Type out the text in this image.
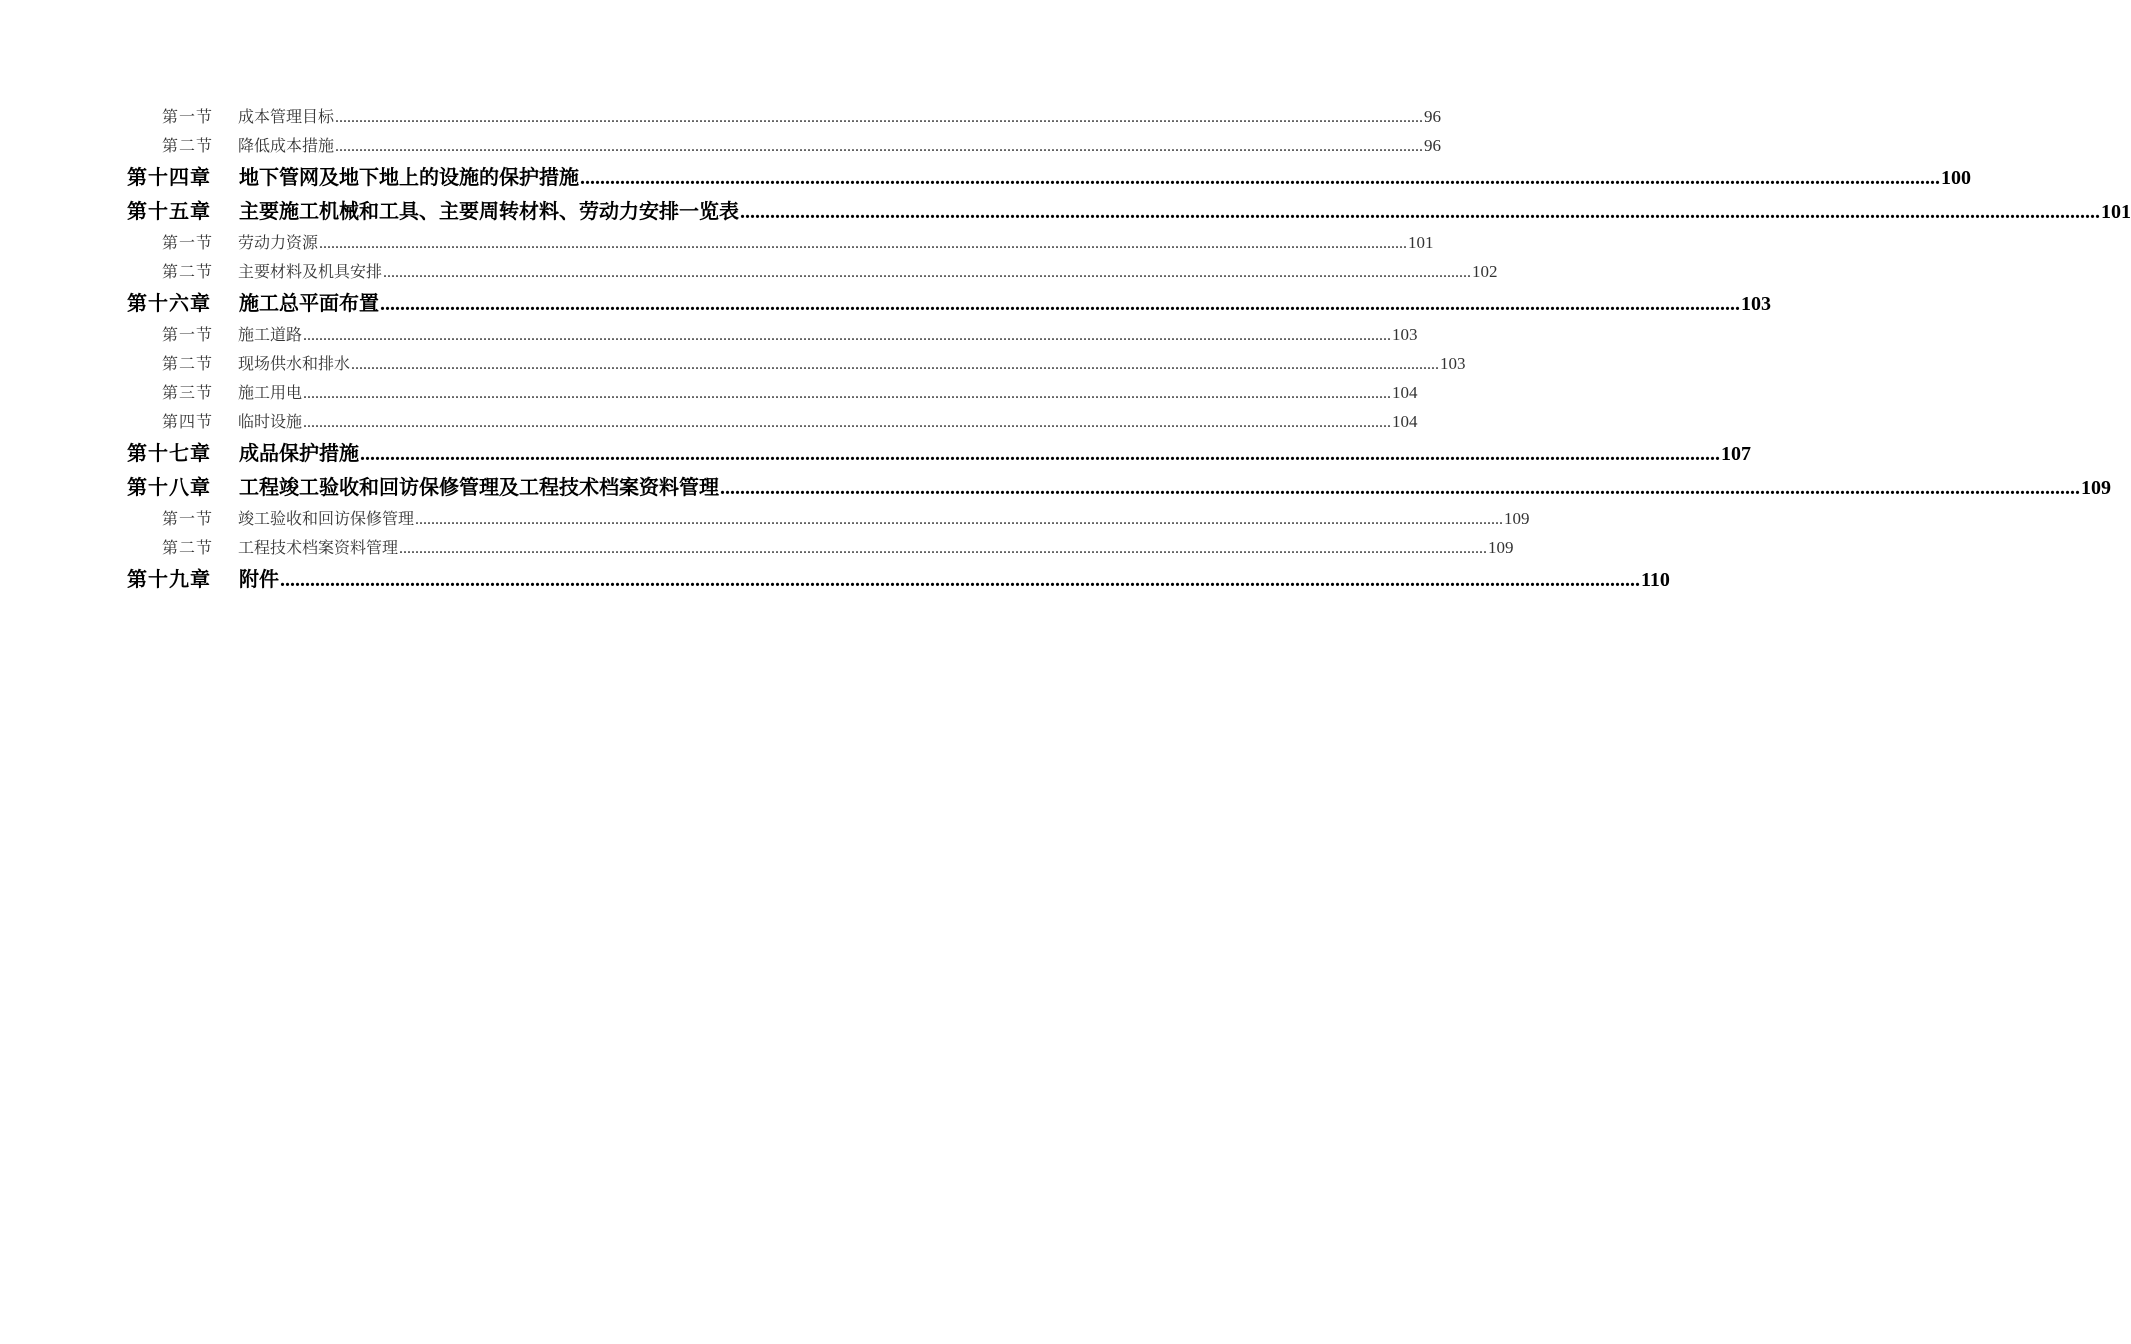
第一节	成本管理目标 .....	96
第二节	降低成本措施 .....	96
第十四章	地下管网及地下地上的设施的保护措施 .....	100
第十五章	主要施工机械和工具、主要周转材料、劳动力安排一览表 .....	101
第一节	劳动力资源 .....	101
第二节	主要材料及机具安排 .....	102
第十六章	施工总平面布置 .....	103
第一节	施工道路 .....	103
第二节	现场供水和排水 .....	103
第三节	施工用电 .....	104
第四节	临时设施 .....	104
第十七章	成品保护措施 .....	107
第十八章	工程竣工验收和回访保修管理及工程技术档案资料管理 .....	109
第一节	竣工验收和回访保修管理 .....	109
第二节	工程技术档案资料管理 .....	109
第十九章	附件 .....	110
